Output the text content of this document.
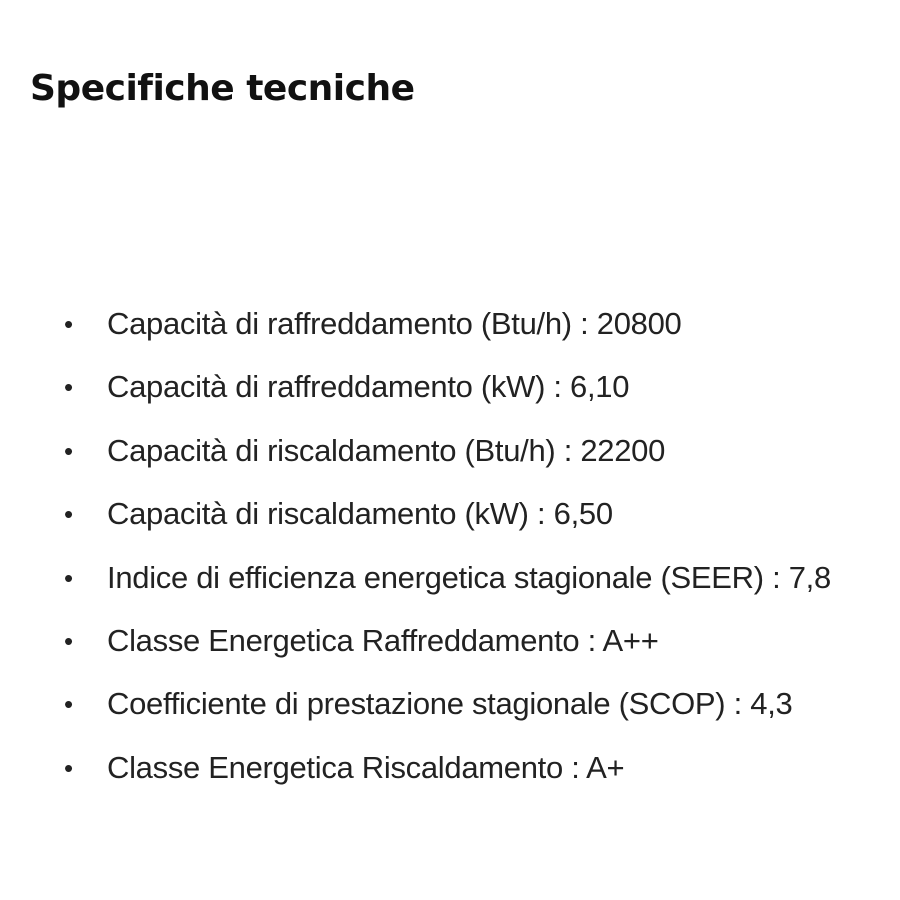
Specifiche tecniche
• Capacità di raffreddamento (Btu/h) : 20800
• Capacità di raffreddamento (kW) : 6,10
• Capacità di riscaldamento (Btu/h) : 22200
• Capacità di riscaldamento (kW) : 6,50
• Indice di efficienza energetica stagionale (SEER) : 7,8
• Classe Energetica Raffreddamento : A++
• Coefficiente di prestazione stagionale (SCOP) : 4,3
• Classe Energetica Riscaldamento : A+
